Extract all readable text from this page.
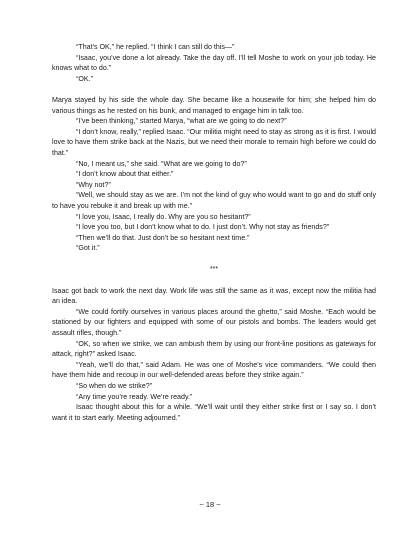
“That’s OK,” he replied. “I think I can still do this—”

“Isaac, you’ve done a lot already. Take the day off. I’ll tell Moshe to work on your job today. He knows what to do.”

“OK.”

Marya stayed by his side the whole day. She became like a housewife for him; she helped him do various things as he rested on his bunk, and managed to engage him in talk too.

“I’ve been thinking,” started Marya, “what are we going to do next?”

“I don’t know, really,” replied Isaac. “Our militia might need to stay as strong as it is first. I would love to have them strike back at the Nazis, but we need their morale to remain high before we could do that.”

“No, I meant us,” she said. “What are we going to do?”

“I don’t know about that either.”

“Why not?”

“Well, we should stay as we are. I’m not the kind of guy who would want to go and do stuff only to have you rebuke it and break up with me.”

“I love you, Isaac, I really do. Why are you so hesitant?”

“I love you too, but I don’t know what to do. I just don’t. Why not stay as friends?”

“Then we’ll do that. Just don’t be so hesitant next time.”

“Got it.”

***

Isaac got back to work the next day. Work life was still the same as it was, except now the militia had an idea.

“We could fortify ourselves in various places around the ghetto,” said Moshe. “Each would be stationed by our fighters and equipped with some of our pistols and bombs. The leaders would get assault rifles, though.”

“OK, so when we strike, we can ambush them by using our front-line positions as gateways for attack, right?” asked Isaac.

“Yeah, we’ll do that,” said Adam. He was one of Moshe’s vice commanders. “We could then have them hide and recoup in our well-defended areas before they strike again.”

“So when do we strike?”

“Any time you’re ready. We’re ready.”

Isaac thought about this for a while. “We’ll wait until they either strike first or I say so. I don’t want it to start early. Meeting adjourned.”

~ 18 ~
